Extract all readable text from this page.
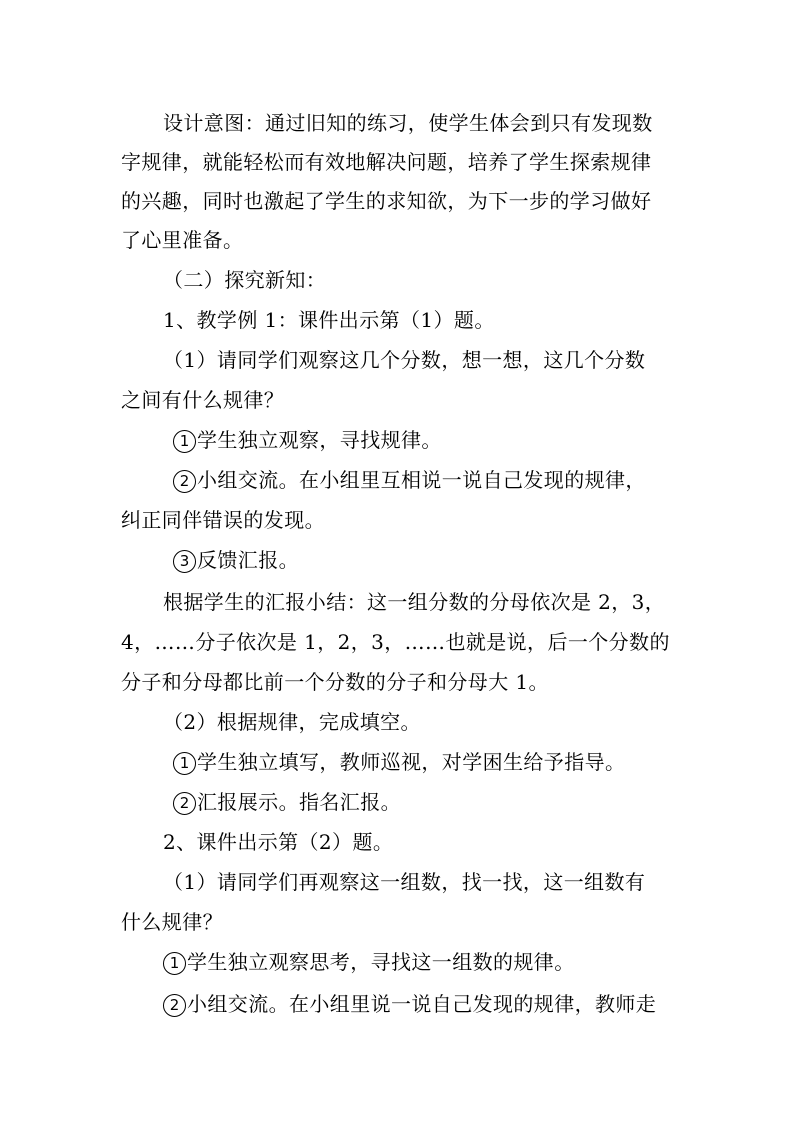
设计意图：通过旧知的练习，使学生体会到只有发现数
字规律，就能轻松而有效地解决问题，培养了学生探索规律
的兴趣，同时也激起了学生的求知欲，为下一步的学习做好
了心里准备。
（二）探究新知：
1、教学例 1：课件出示第（1）题。
（1）请同学们观察这几个分数，想一想，这几个分数
之间有什么规律？
1 学生独立观察，寻找规律。
2 小组交流。在小组里互相说一说自己发现的规律，
纠正同伴错误的发现。
3 反馈汇报。
根据学生的汇报小结：这一组分数的分母依次是 2，3，
4，……分子依次是 1，2，3，……也就是说，后一个分数的
分子和分母都比前一个分数的分子和分母大 1。
（2）根据规律，完成填空。
1 学生独立填写，教师巡视，对学困生给予指导。
2 汇报展示。指名汇报。
2、课件出示第（2）题。
（1）请同学们再观察这一组数，找一找，这一组数有
什么规律？
1 学生独立观察思考，寻找这一组数的规律。
2 小组交流。在小组里说一说自己发现的规律，教师走
